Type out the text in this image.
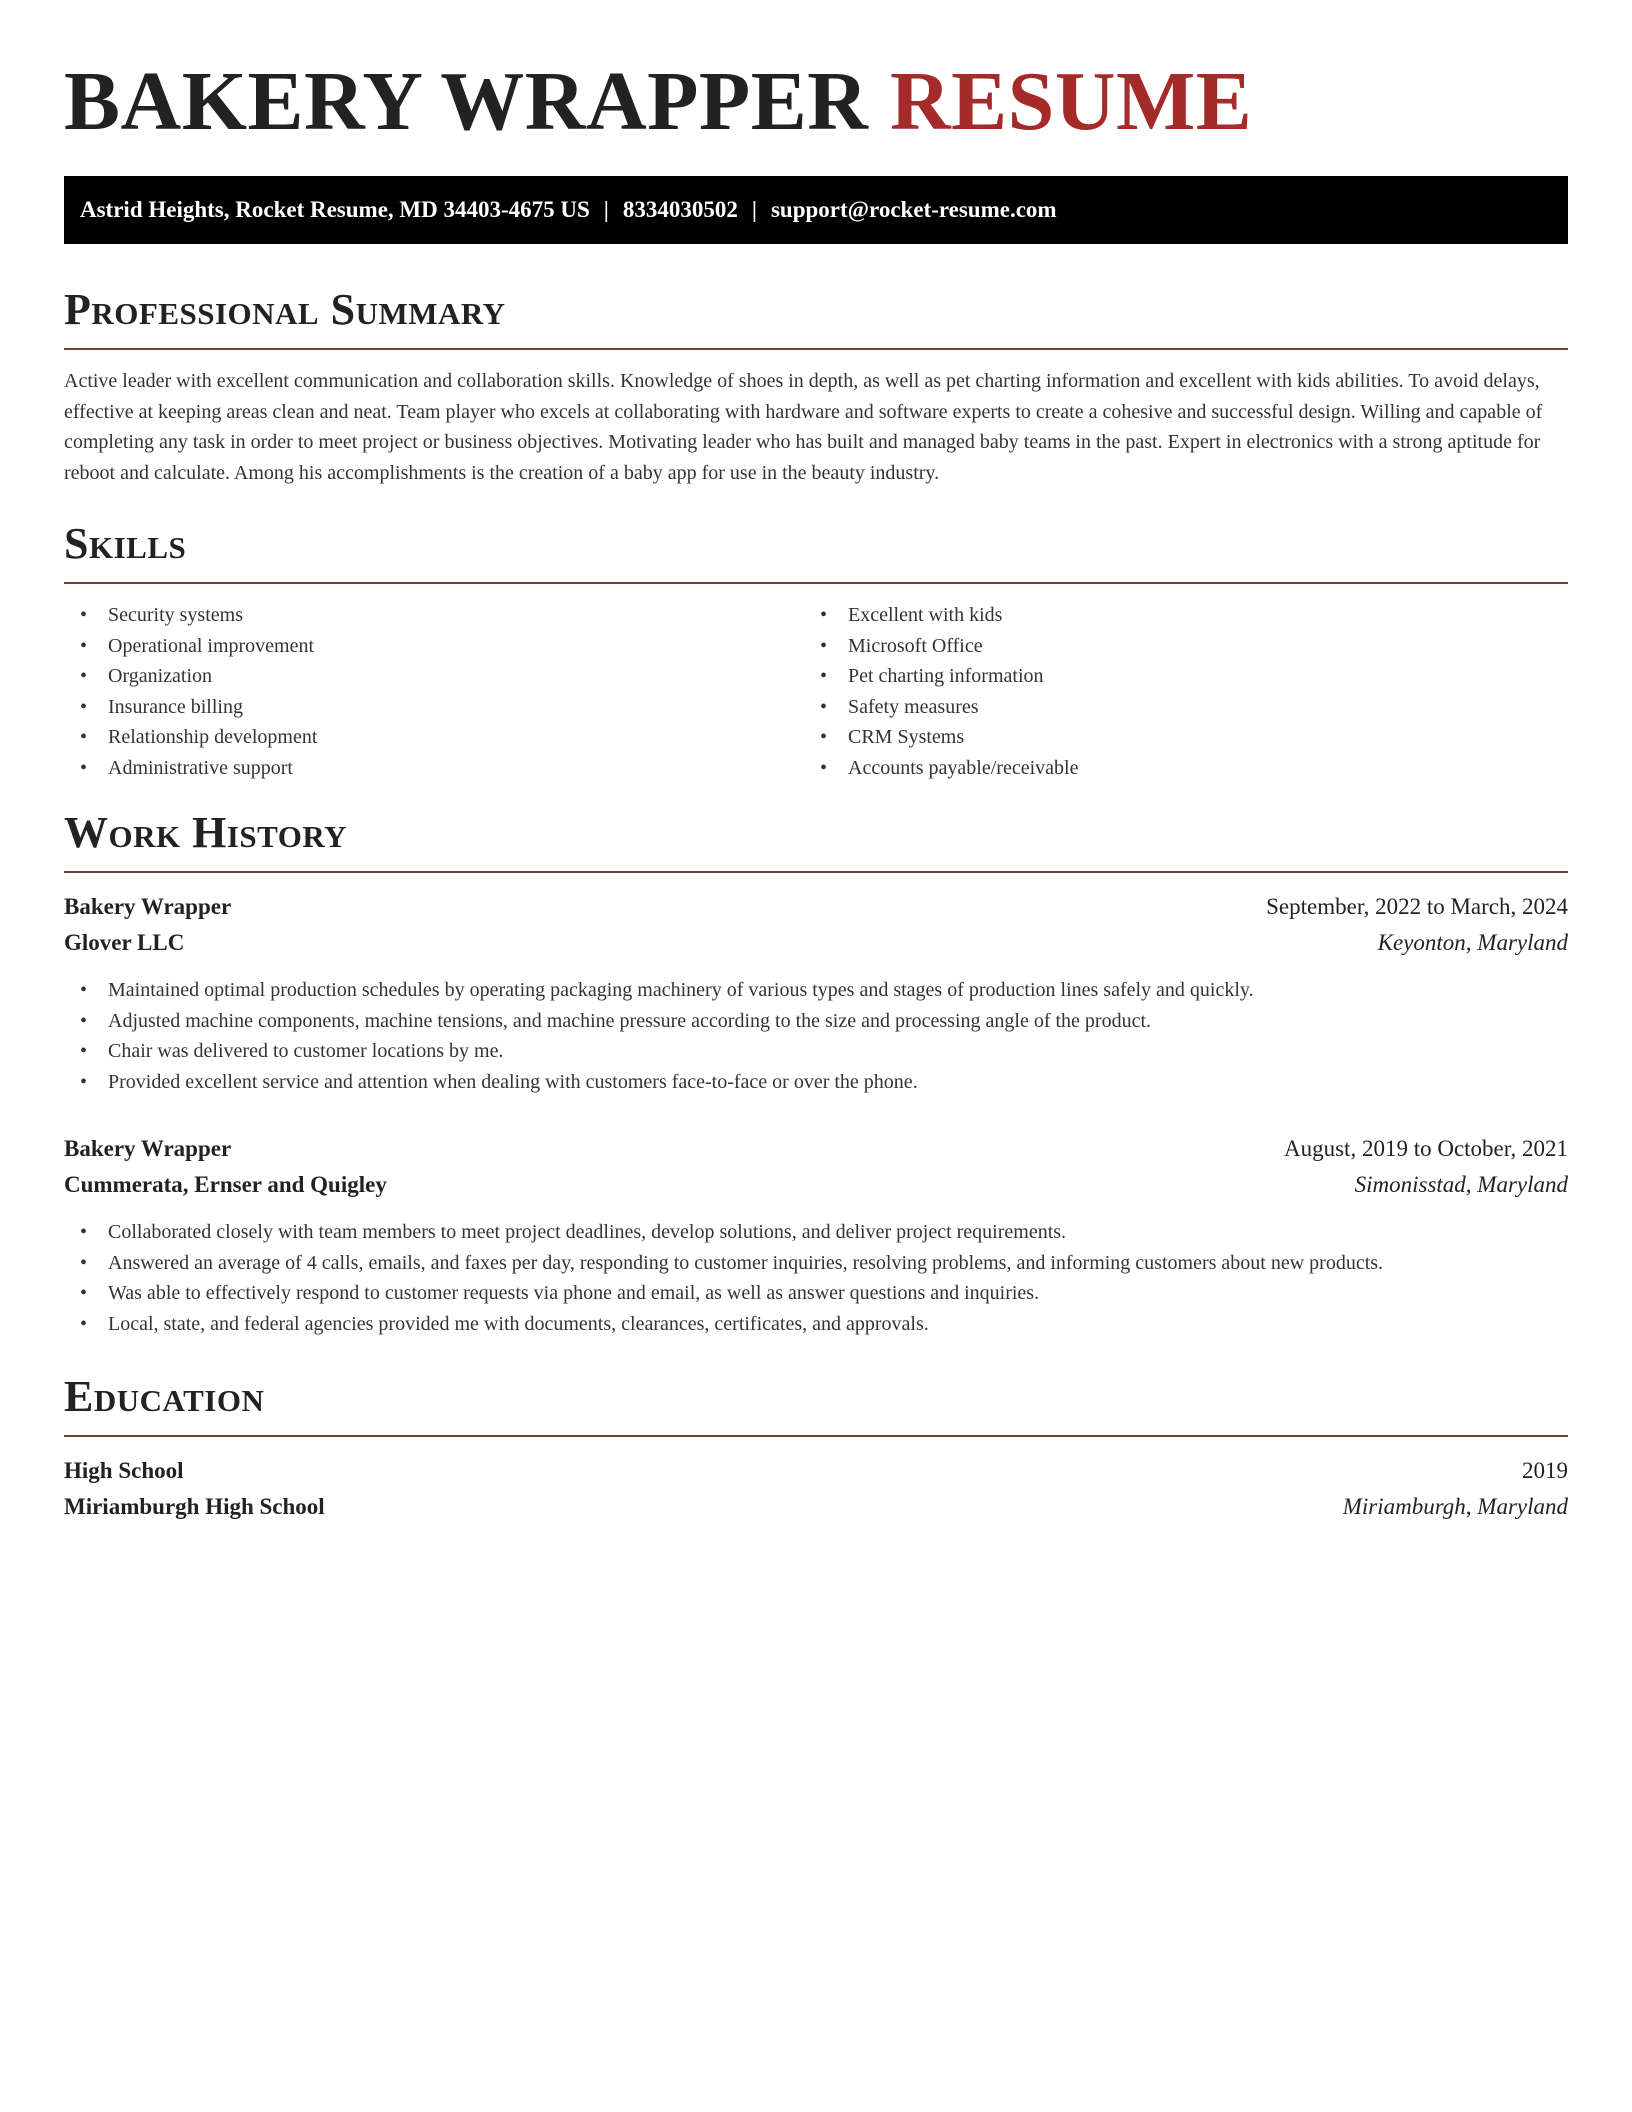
BAKERY WRAPPER RESUME
Astrid Heights, Rocket Resume, MD 34403-4675 US | 8334030502 | support@rocket-resume.com
Professional Summary

Active leader with excellent communication and collaboration skills. Knowledge of shoes in depth, as well as pet charting information and excellent with kids abilities. To avoid delays, effective at keeping areas clean and neat. Team player who excels at collaborating with hardware and software experts to create a cohesive and successful design. Willing and capable of completing any task in order to meet project or business objectives. Motivating leader who has built and managed baby teams in the past. Expert in electronics with a strong aptitude for reboot and calculate. Among his accomplishments is the creation of a baby app for use in the beauty industry.

Skills
• Security systems
• Operational improvement
• Organization
• Insurance billing
• Relationship development
• Administrative support
• Excellent with kids
• Microsoft Office
• Pet charting information
• Safety measures
• CRM Systems
• Accounts payable/receivable
Work History
Bakery Wrapper	September, 2022 to March, 2024
Glover LLC	Keyonton, Maryland
• Maintained optimal production schedules by operating packaging machinery of various types and stages of production lines safely and quickly.
• Adjusted machine components, machine tensions, and machine pressure according to the size and processing angle of the product.
• Chair was delivered to customer locations by me.
• Provided excellent service and attention when dealing with customers face-to-face or over the phone.
Bakery Wrapper	August, 2019 to October, 2021
Cummerata, Ernser and Quigley	Simonisstad, Maryland
• Collaborated closely with team members to meet project deadlines, develop solutions, and deliver project requirements.
• Answered an average of 4 calls, emails, and faxes per day, responding to customer inquiries, resolving problems, and informing customers about new products.
• Was able to effectively respond to customer requests via phone and email, as well as answer questions and inquiries.
• Local, state, and federal agencies provided me with documents, clearances, certificates, and approvals.
Education
High School	2019
Miriamburgh High School	Miriamburgh, Maryland
